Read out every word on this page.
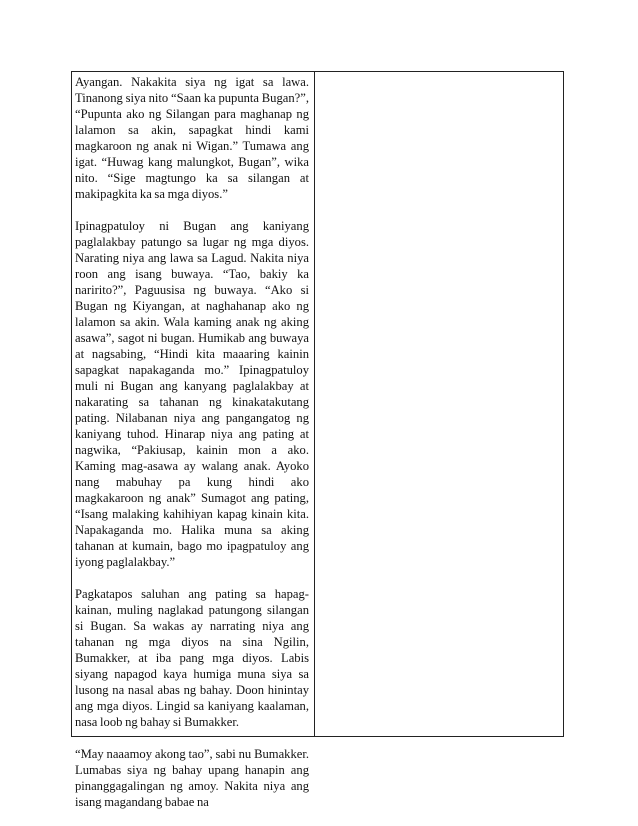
Ayangan. Nakakita siya ng igat sa lawa. Tinanong siya nito “Saan ka pupunta Bugan?”, “Pupunta ako ng Silangan para maghanap ng lalamon sa akin, sapagkat hindi kami magkaroon ng anak ni Wigan.” Tumawa ang igat. “Huwag kang malungkot, Bugan”, wika nito. “Sige magtungo ka sa silangan at makipagkita ka sa mga diyos.”

Ipinagpatuloy ni Bugan ang kaniyang paglalakbay patungo sa lugar ng mga diyos. Narating niya ang lawa sa Lagud. Nakita niya roon ang isang buwaya. “Tao, bakiy ka naririto?”, Paguusisa ng buwaya. “Ako si Bugan ng Kiyangan, at naghahanap ako ng lalamon sa akin. Wala kaming anak ng aking asawa”, sagot ni bugan. Humikab ang buwaya at nagsabing, “Hindi kita maaaring kainin sapagkat napakaganda mo.” Ipinagpatuloy muli ni Bugan ang kanyang paglalakbay at nakarating sa tahanan ng kinakatakutang pating. Nilabanan niya ang pangangatog ng kaniyang tuhod. Hinarap niya ang pating at nagwika, “Pakiusap, kainin mon a ako. Kaming mag-asawa ay walang anak. Ayoko nang mabuhay pa kung hindi ako magkakaroon ng anak” Sumagot ang pating, “Isang malaking kahihiyan kapag kinain kita. Napakaganda mo. Halika muna sa aking tahanan at kumain, bago mo ipagpatuloy ang iyong paglalakbay.”

Pagkatapos saluhan ang pating sa hapag-kainan, muling naglakad patungong silangan si Bugan. Sa wakas ay narrating niya ang tahanan ng mga diyos na sina Ngilin, Bumakker, at iba pang mga diyos. Labis siyang napagod kaya humiga muna siya sa lusong na nasal abas ng bahay. Doon hinintay ang mga diyos. Lingid sa kaniyang kaalaman, nasa loob ng bahay si Bumakker.

“May naaamoy akong tao”, sabi nu Bumakker. Lumabas siya ng bahay upang hanapin ang pinanggagalingan ng amoy. Nakita niya ang isang magandang babae na
